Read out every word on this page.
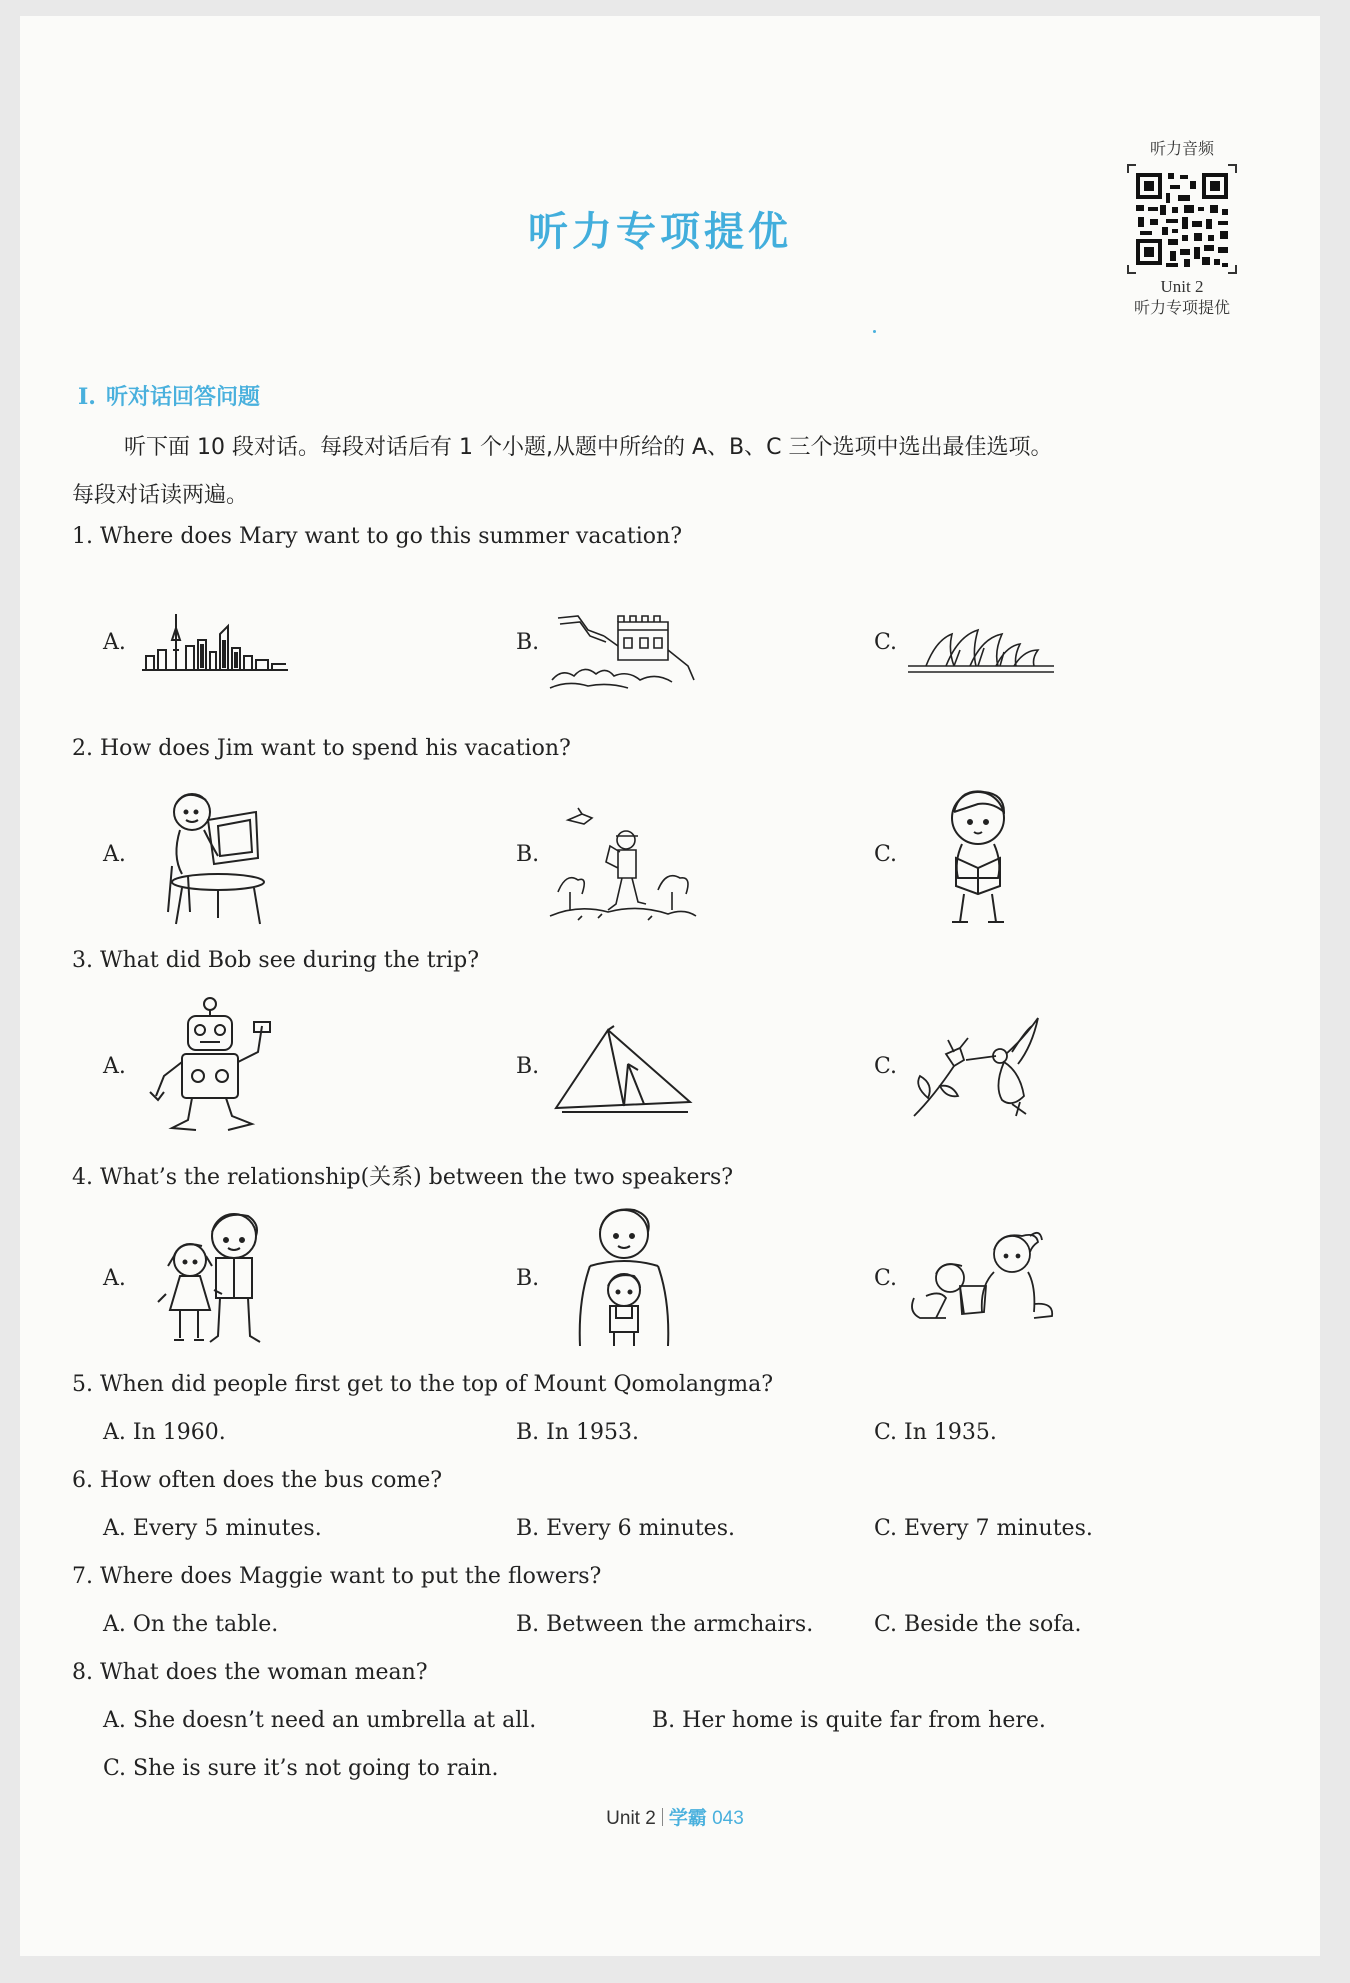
听力专项提优
听力音频
Unit 2
听力专项提优
Ⅰ. 听对话回答问题
听下面 10 段对话。每段对话后有 1 个小题,从题中所给的 A、B、C 三个选项中选出最佳选项。
每段对话读两遍。
1. Where does Mary want to go this summer vacation?
A.	B.	C.
2. How does Jim want to spend his vacation?
A.	B.	C.
3. What did Bob see during the trip?
A.	B.	C.
4. What’s the relationship(关系) between the two speakers?
A.	B.	C.
5. When did people first get to the top of Mount Qomolangma?
A. In 1960.	B. In 1953.	C. In 1935.
6. How often does the bus come?
A. Every 5 minutes.	B. Every 6 minutes.	C. Every 7 minutes.
7. Where does Maggie want to put the flowers?
A. On the table.	B. Between the armchairs.	C. Beside the sofa.
8. What does the woman mean?
A. She doesn’t need an umbrella at all.	B. Her home is quite far from here.
C. She is sure it’s not going to rain.
Unit 2 学霸 043
